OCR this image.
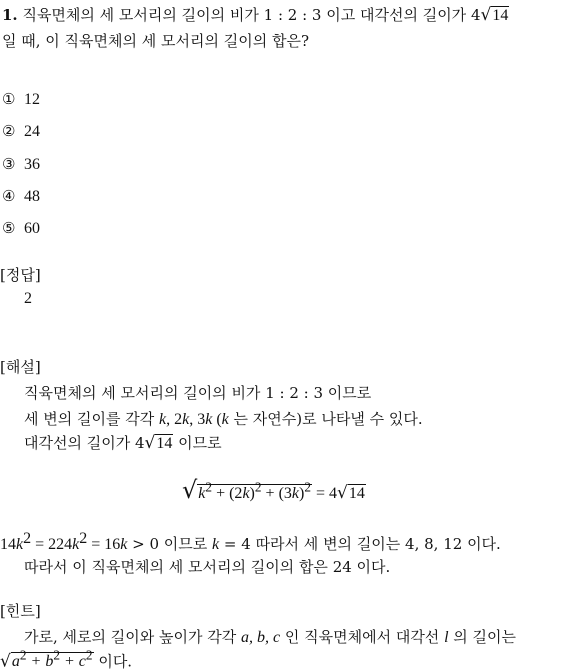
1. 직육면체의 세 모서리의 길이의 비가 1 : 2 : 3 이고 대각선의 길이가 4√14
일 때, 이 직육면체의 세 모서리의 길이의 합은?
① 12
② 24
③ 36
④ 48
⑤ 60
[정답]
2
[해설]
직육면체의 세 모서리의 길이의 비가 1 : 2 : 3 이므로
세 변의 길이를 각각 k, 2k, 3k (k 는 자연수)로 나타낼 수 있다.
대각선의 길이가 4√14 이므로
$√k^2 + (2k)^2 + (3k)^2 = 4√14$
$14k^2 = 224k^2 = 16k > 0$ 이므로 k = 4 따라서 세 변의 길이는 4, 8, 12 이다.
따라서 이 직육면체의 세 모서리의 길이의 합은 24 이다.
[힌트]
가로, 세로의 길이와 높이가 각각 a, b, c 인 직육면체에서 대각선 l 의 길이는
$√a^2 + b^2 + c^2$ 이다.
